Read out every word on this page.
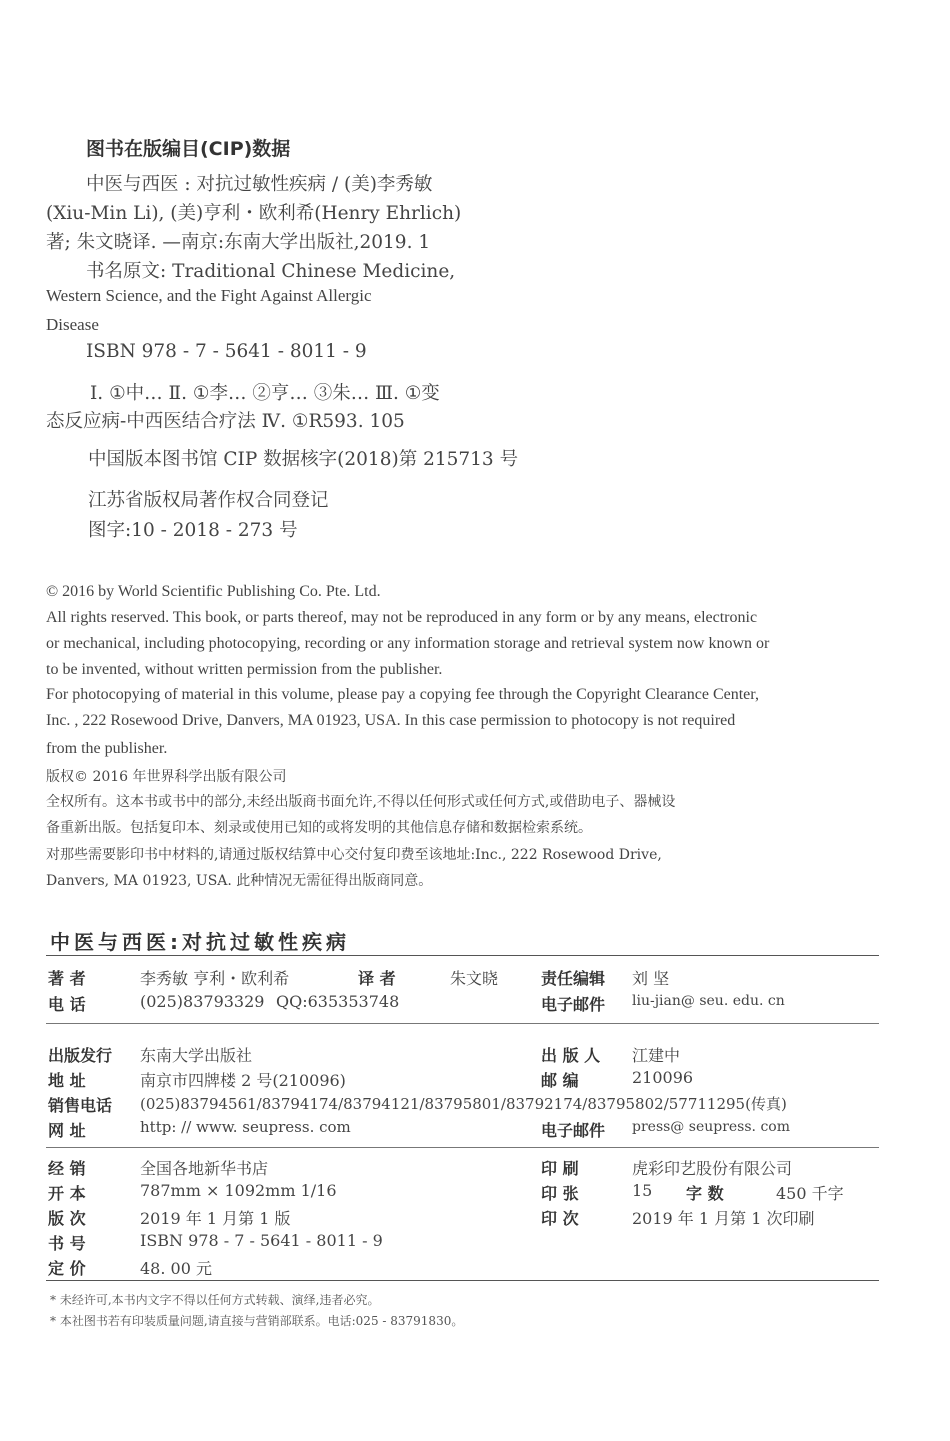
图书在版编目(CIP)数据
中医与西医 : 对抗过敏性疾病 / (美)李秀敏
(Xiu-Min Li), (美)亨利・欧利希(Henry Ehrlich)
著; 朱文晓译. —南京:东南大学出版社,2019. 1
书名原文: Traditional Chinese Medicine,
Western Science, and the Fight Against Allergic
Disease
ISBN 978 - 7 - 5641 - 8011 - 9
Ⅰ. ①中… Ⅱ. ①李… ②亨… ③朱… Ⅲ. ①变
态反应病-中西医结合疗法 Ⅳ. ①R593. 105
中国版本图书馆 CIP 数据核字(2018)第 215713 号
江苏省版权局著作权合同登记
图字:10 - 2018 - 273 号
© 2016 by World Scientific Publishing Co. Pte. Ltd.
All rights reserved. This book, or parts thereof, may not be reproduced in any form or by any means, electronic
or mechanical, including photocopying, recording or any information storage and retrieval system now known or
to be invented, without written permission from the publisher.
For photocopying of material in this volume, please pay a copying fee through the Copyright Clearance Center,
Inc. , 222 Rosewood Drive, Danvers, MA 01923, USA. In this case permission to photocopy is not required
from the publisher.
版权© 2016 年世界科学出版有限公司
全权所有。这本书或书中的部分,未经出版商书面允许,不得以任何形式或任何方式,或借助电子、器械设
备重新出版。包括复印本、刻录或使用已知的或将发明的其他信息存储和数据检索系统。
对那些需要影印书中材料的,请通过版权结算中心交付复印费至该地址:Inc., 222 Rosewood Drive,
Danvers, MA 01923, USA. 此种情况无需征得出版商同意。
中医与西医:对抗过敏性疾病
著 者	李秀敏 亨利・欧利希	译 者	朱文晓	责任编辑 刘 坚
电 话	(025)83793329 QQ:635353748	电子邮件 liu-jian@ seu. edu. cn
出版发行 东南大学出版社	出 版 人 江建中
地 址	南京市四牌楼 2 号(210096)	邮 编	210096
销售电话 (025)83794561/83794174/83794121/83795801/83792174/83795802/57711295(传真)
网 址	http: // www. seupress. com	电子邮件 press@ seupress. com
经 销	全国各地新华书店	印 刷	虎彩印艺股份有限公司
开 本	787mm × 1092mm 1/16	印 张	15 字 数	450 千字
版 次	2019 年 1 月第 1 版	印 次	2019 年 1 月第 1 次印刷
书 号	ISBN 978 - 7 - 5641 - 8011 - 9
定 价	48. 00 元
* 未经许可,本书内文字不得以任何方式转载、演绎,违者必究。
* 本社图书若有印装质量问题,请直接与营销部联系。电话:025 - 83791830。
